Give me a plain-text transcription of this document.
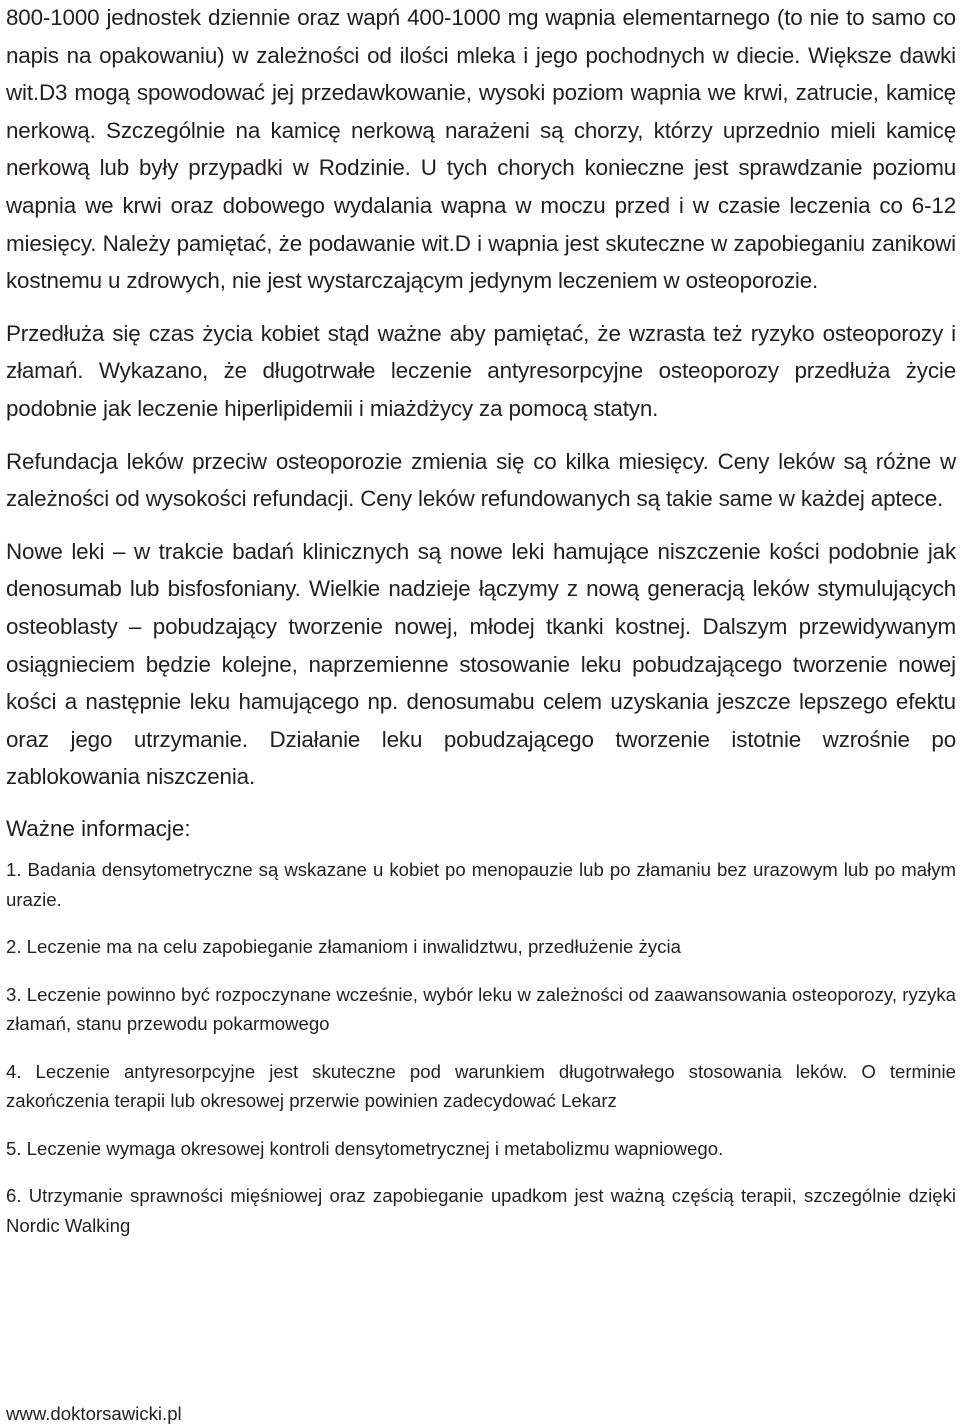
800-1000 jednostek dziennie oraz wapń 400-1000 mg wapnia elementarnego (to nie to samo co napis na opakowaniu) w zależności od ilości mleka i jego pochodnych w diecie. Większe dawki wit.D3 mogą spowodować jej przedawkowanie, wysoki poziom wapnia we krwi, zatrucie, kamicę nerkową. Szczególnie na kamicę nerkową narażeni są chorzy, którzy uprzednio mieli kamicę nerkową lub były przypadki w Rodzinie. U tych chorych konieczne jest sprawdzanie poziomu wapnia we krwi oraz dobowego wydalania wapna w moczu przed i w czasie leczenia co 6-12 miesięcy. Należy pamiętać, że podawanie wit.D i wapnia jest skuteczne w zapobieganiu zanikowi kostnemu u zdrowych, nie jest wystarczającym jedynym leczeniem w osteoporozie.

Przedłuża się czas życia kobiet stąd ważne aby pamiętać, że wzrasta też ryzyko osteoporozy i złamań. Wykazano, że długotrwałe leczenie antyresorpcyjne osteoporozy przedłuża życie podobnie jak leczenie hiperlipidemii i miażdżycy za pomocą statyn.

Refundacja leków przeciw osteoporozie zmienia się co kilka miesięcy. Ceny leków są różne w zależności od wysokości refundacji. Ceny leków refundowanych są takie same w każdej aptece.

Nowe leki – w trakcie badań klinicznych są nowe leki hamujące niszczenie kości podobnie jak denosumab lub bisfosfoniany. Wielkie nadzieje łączymy z nową generacją leków stymulujących osteoblasty – pobudzający tworzenie nowej, młodej tkanki kostnej. Dalszym przewidywanym osiągnieciem będzie kolejne, naprzemienne stosowanie leku pobudzającego tworzenie nowej kości a następnie leku hamującego np. denosumabu celem uzyskania jeszcze lepszego efektu oraz jego utrzymanie. Działanie leku pobudzającego tworzenie istotnie wzrośnie po zablokowania niszczenia.

Ważne informacje:
1. Badania densytometryczne są wskazane u kobiet po menopauzie lub po złamaniu bez urazowym lub po małym urazie.
2. Leczenie ma na celu zapobieganie złamaniom i inwalidztwu, przedłużenie życia
3. Leczenie powinno być rozpoczynane wcześnie, wybór leku w zależności od zaawansowania osteoporozy, ryzyka złamań, stanu przewodu pokarmowego
4. Leczenie antyresorpcyjne jest skuteczne pod warunkiem długotrwałego stosowania leków. O terminie zakończenia terapii lub okresowej przerwie powinien zadecydować Lekarz
5. Leczenie wymaga okresowej kontroli densytometrycznej i metabolizmu wapniowego.
6. Utrzymanie sprawności mięśniowej oraz zapobieganie upadkom jest ważną częścią terapii, szczególnie dzięki Nordic Walking
www.doktorsawicki.pl
